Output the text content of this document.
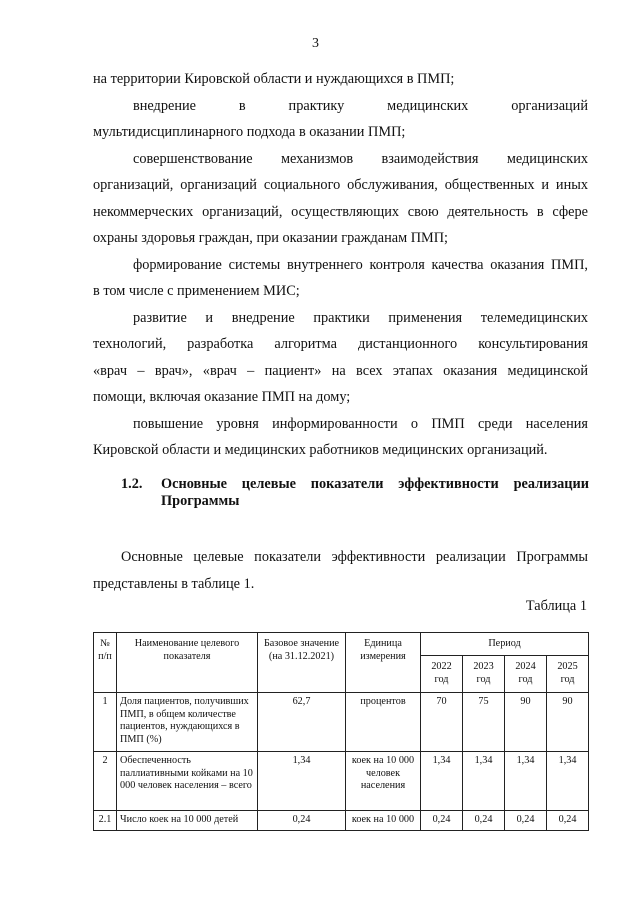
3

на территории Кировской области и нуждающихся в ПМП;

внедрение в практику медицинских организаций

мультидисциплинарного подхода в оказании ПМП;

совершенствование механизмов взаимодействия медицинских

организаций, организаций социального обслуживания, общественных и иных

некоммерческих организаций, осуществляющих свою деятельность в сфере

охраны здоровья граждан, при оказании гражданам ПМП;

формирование системы внутреннего контроля качества оказания ПМП,

в том числе с применением МИС;

развитие и внедрение практики применения телемедицинских

технологий, разработка алгоритма дистанционного консультирования

«врач – врач», «врач – пациент» на всех этапах оказания медицинской

помощи, включая оказание ПМП на дому;

повышение уровня информированности о ПМП среди населения

Кировской области и медицинских работников медицинских организаций.

1.2.	Основные целевые показатели эффективности реализации Программы

Основные целевые показатели эффективности реализации Программы

представлены в таблице 1.

Таблица 1
№ п/п	Наименование целевого показателя	Базовое значение (на 31.12.2021)	Единица измерения	Период			
				2022 год	2023 год	2024 год	2025 год
1	Доля пациентов, получивших ПМП, в общем количестве пациентов, нуждающихся в ПМП (%)	62,7	процентов	70	75	90	90
2	Обеспеченность паллиативными койками на 10 000 человек населения – всего	1,34	коек на 10 000 человек населения	1,34	1,34	1,34	1,34
2.1	Число коек на 10 000 детей	0,24	коек на 10 000	0,24	0,24	0,24	0,24
